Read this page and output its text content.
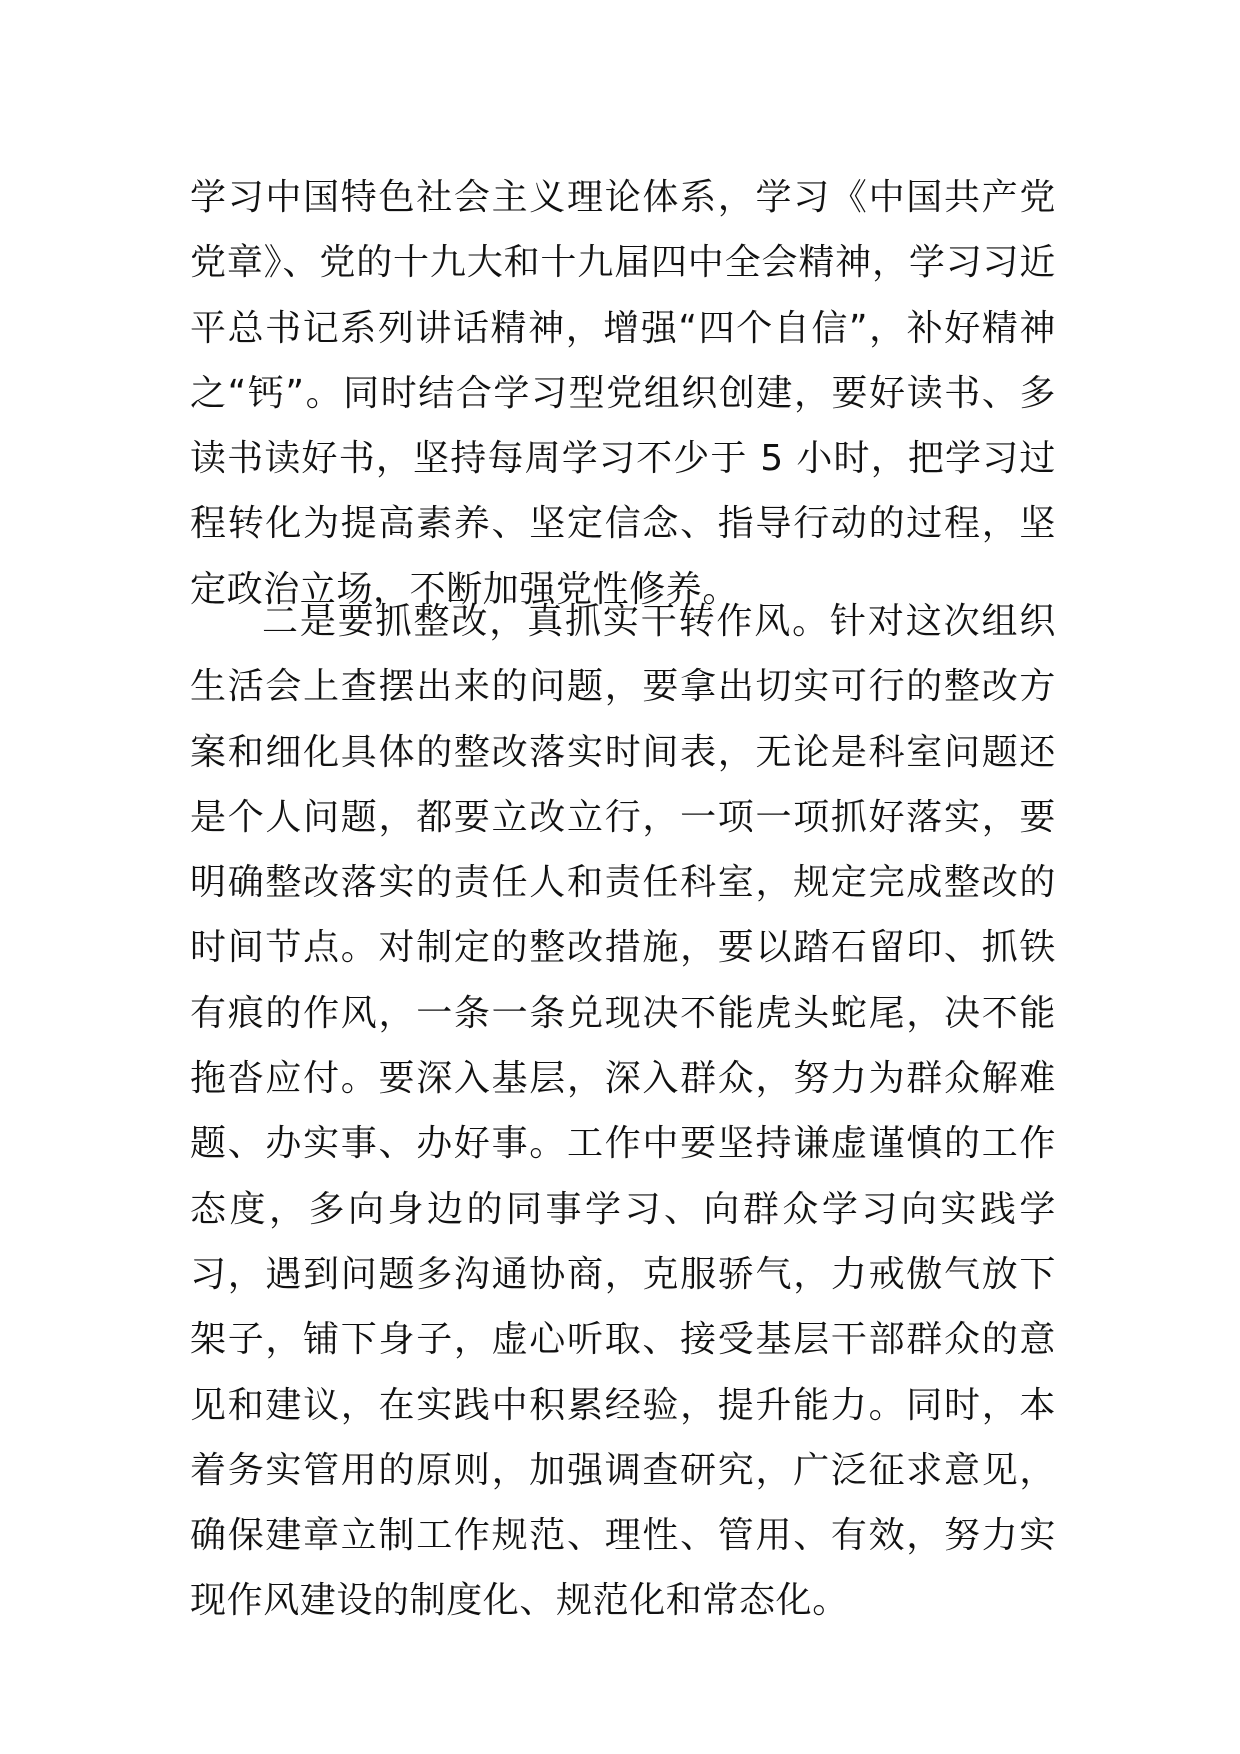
学习中国特色社会主义理论体系，学习《中国共产党党章》、党的十九大和十九届四中全会精神，学习习近平总书记系列讲话精神，增强“四个自信”，补好精神之“钙”。同时结合学习型党组织创建，要好读书、多读书读好书，坚持每周学习不少于 5 小时，把学习过程转化为提高素养、坚定信念、指导行动的过程，坚定政治立场，不断加强党性修养。

二是要抓整改，真抓实干转作风。针对这次组织生活会上查摆出来的问题，要拿出切实可行的整改方案和细化具体的整改落实时间表，无论是科室问题还是个人问题，都要立改立行，一项一项抓好落实，要明确整改落实的责任人和责任科室，规定完成整改的时间节点。对制定的整改措施，要以踏石留印、抓铁有痕的作风，一条一条兑现决不能虎头蛇尾，决不能拖沓应付。要深入基层，深入群众，努力为群众解难题、办实事、办好事。工作中要坚持谦虚谨慎的工作态度，多向身边的同事学习、向群众学习向实践学习，遇到问题多沟通协商，克服骄气，力戒傲气放下架子，铺下身子，虚心听取、接受基层干部群众的意见和建议，在实践中积累经验，提升能力。同时，本着务实管用的原则，加强调查研究，广泛征求意见，确保建章立制工作规范、理性、管用、有效，努力实现作风建设的制度化、规范化和常态化。
